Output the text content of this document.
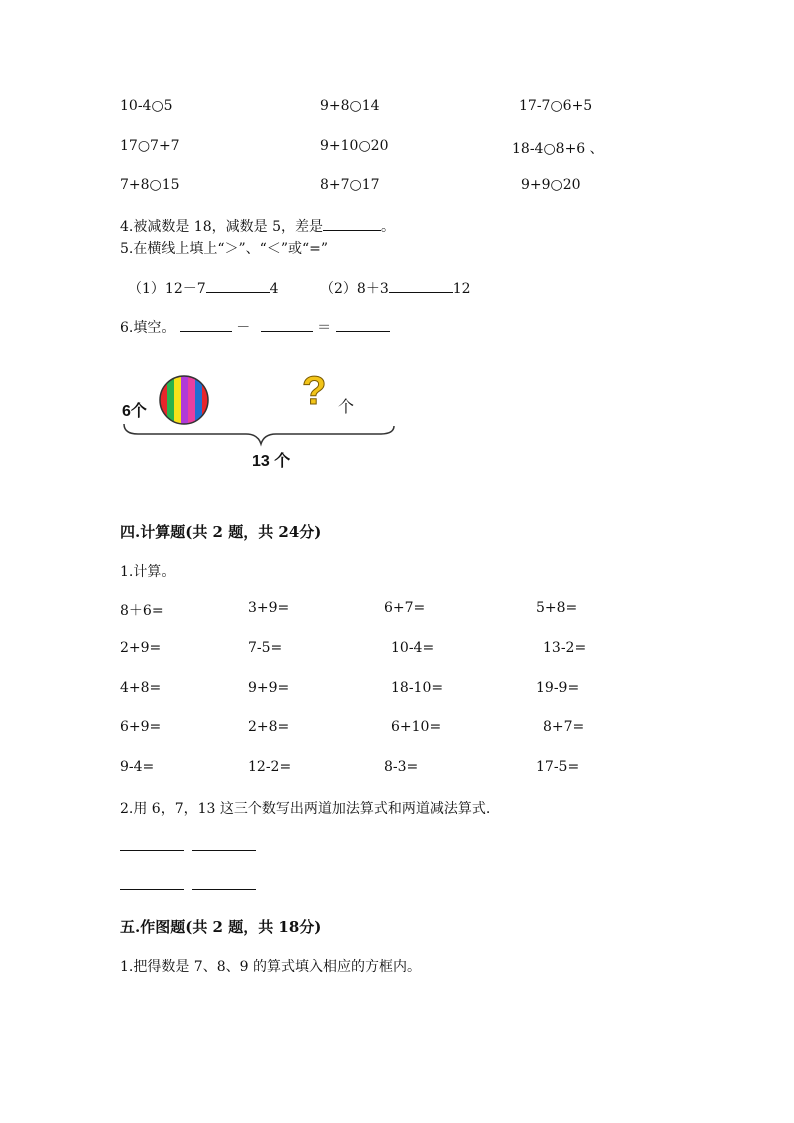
10-4○5	9+8○14	17-7○6+5
17○7+7	9+10○20	18-4○8+6 、
7+8○15	8+7○17	9+9○20
4.被减数是 18，减数是 5，差是	。
5.在横线上填上“＞”、“＜”或“=”
（1）12－7	4	（2）8＋3	12
6.填空。	－	＝
6个	? 个
13 个
四.计算题(共 2 题，共 24分)
1.计算。
8＋6=	3+9=	6+7=	5+8=
2+9=	7-5=	10-4=	13-2=
4+8=	9+9=	18-10=	19-9=
6+9=	2+8=	6+10=	8+7=
9-4=	12-2=	8-3=	17-5=
2.用 6，7，13 这三个数写出两道加法算式和两道减法算式.

五.作图题(共 2 题，共 18分)
1.把得数是 7、8、9 的算式填入相应的方框内。
